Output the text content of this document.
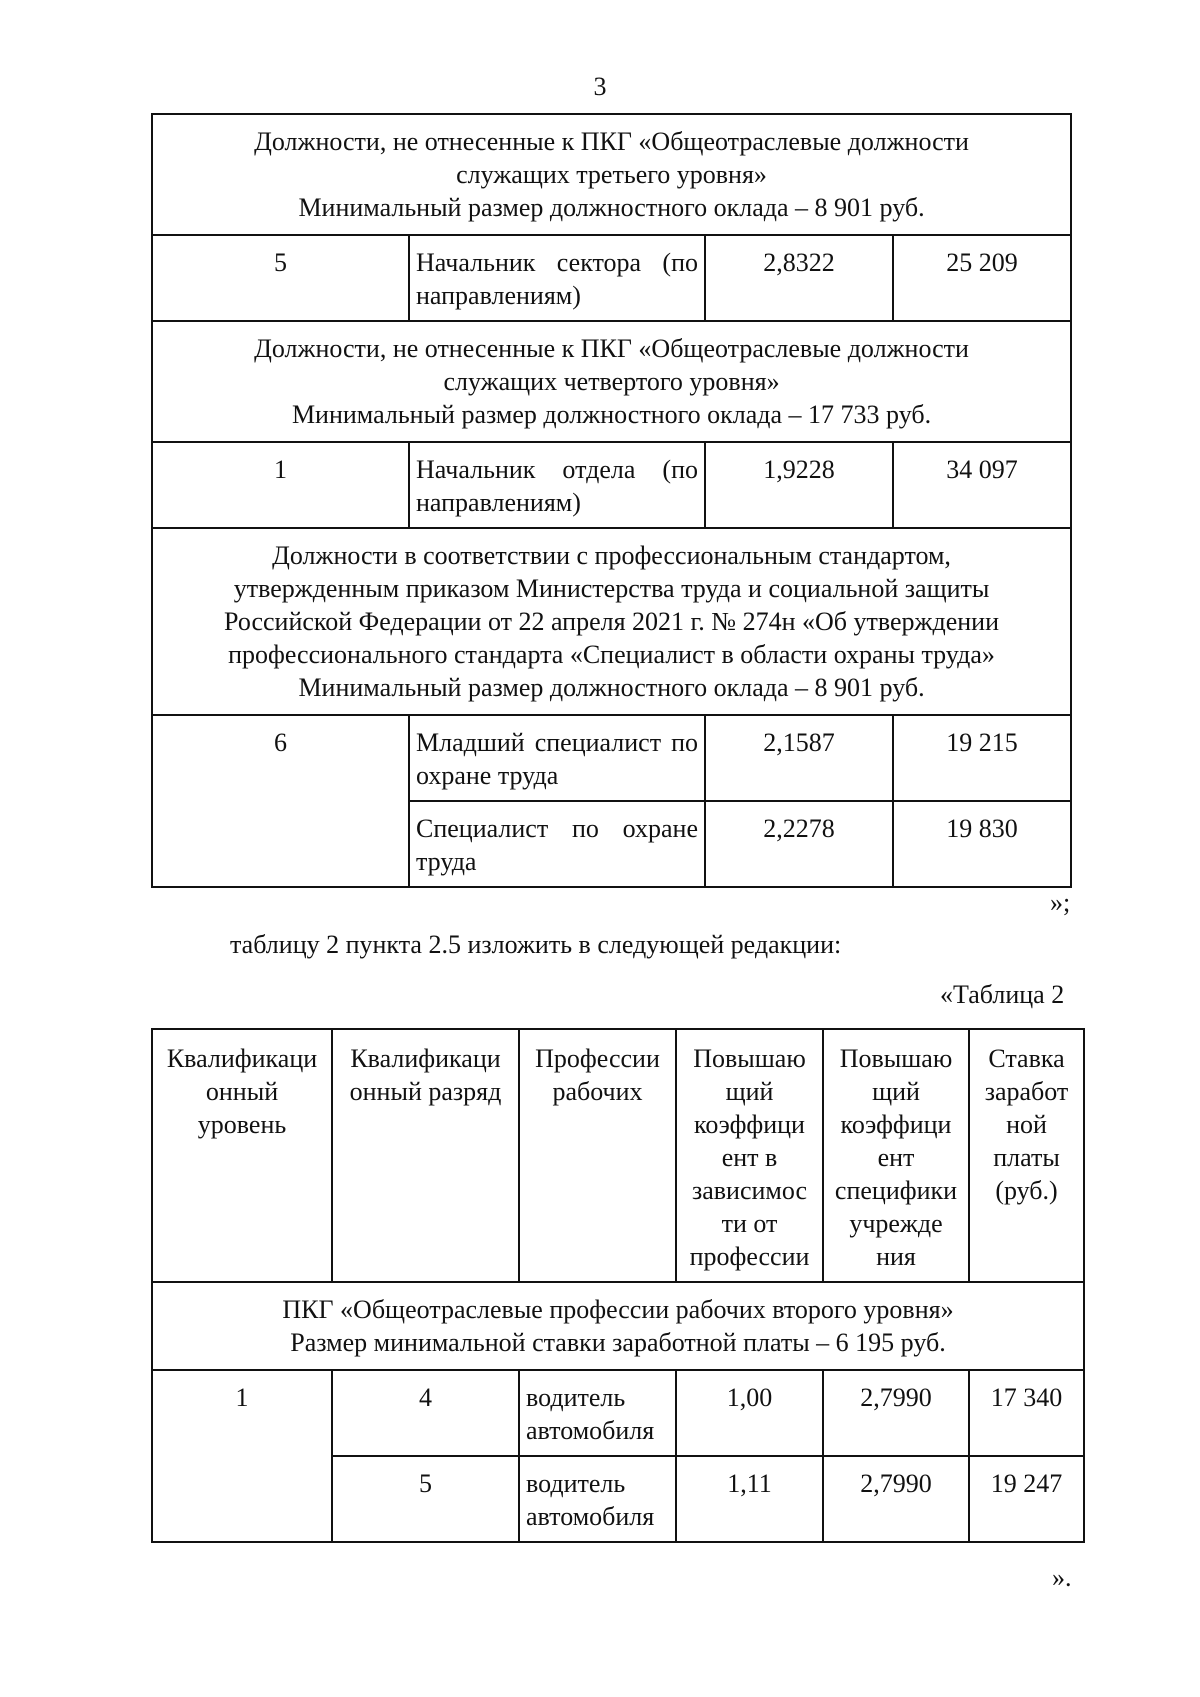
3
Должности, не отнесенные к ПКГ «Общеотраслевые должности
служащих третьего уровня»
Минимальный размер должностного оклада – 8 901 руб.			

5	Начальник сектора (по направлениям)	2,8322	25 209

Должности, не отнесенные к ПКГ «Общеотраслевые должности
служащих четвертого уровня»
Минимальный размер должностного оклада – 17 733 руб.			

1	Начальник отдела (по направлениям)	1,9228	34 097

Должности в соответствии с профессиональным стандартом,
утвержденным приказом Министерства труда и социальной защиты
Российской Федерации от 22 апреля 2021 г. № 274н «Об утверждении
профессионального стандарта «Специалист в области охраны труда»
Минимальный размер должностного оклада – 8 901 руб.			

6	Младший специалист по охране труда	2,1587	19 215
	Специалист по охране труда	2,2278	19 830
»;
таблицу 2 пункта 2.5 изложить в следующей редакции:
«Таблица 2
Квалификаци онный уровень	Квалификаци онный разряд	Профессии рабочих	Повышаю щий коэффици ент в зависимос ти от профессии	Повышаю щий коэффици ент специфики учрежде ния	Ставка заработ ной платы (руб.)

ПКГ «Общеотраслевые профессии рабочих второго уровня»
Размер минимальной ставки заработной платы – 6 195 руб.					

1	4	водитель автомобиля	1,00	2,7990	17 340
	5	водитель автомобиля	1,11	2,7990	19 247
».
